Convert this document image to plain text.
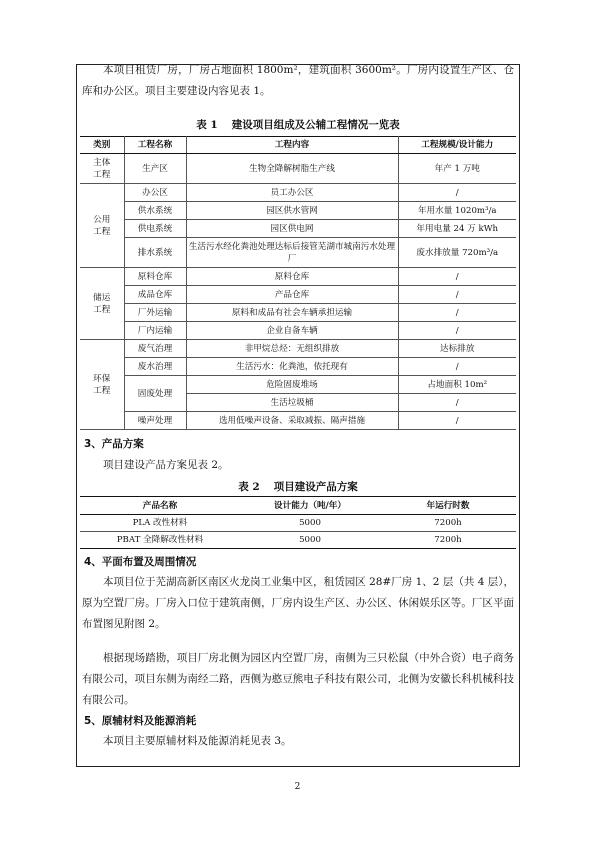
本项目租赁厂房，厂房占地面积 1800m²，建筑面积 3600m²。厂房内设置生产区、仓库和办公区。项目主要建设内容见表 1。

表 1 建设项目组成及公辅工程情况一览表
类别	工程名称	工程内容	工程规模/设计能力
主体工程	生产区	生物全降解树脂生产线	年产 1 万吨
公用工程	办公区	员工办公区	/
	供水系统	园区供水管网	年用水量 1020m³/a
	供电系统	园区供电网	年用电量 24 万 kWh
	排水系统	生活污水经化粪池处理达标后接管芜湖市城南污水处理厂	废水排放量 720m³/a
储运工程	原料仓库	原料仓库	/
	成品仓库	产品仓库	/
	厂外运输	原料和成品有社会车辆承担运输	/
	厂内运输	企业自备车辆	/
环保工程	废气治理	非甲烷总烃：无组织排放	达标排放
	废水治理	生活污水：化粪池，依托现有	/
	固废处理	危险固废堆场	占地面积 10m²
		生活垃圾桶	/
	噪声处理	选用低噪声设备、采取减振、隔声措施	/
3、产品方案

项目建设产品方案见表 2。

表 2 项目建设产品方案
产品名称	设计能力（吨/年）	年运行时数
PLA 改性材料	5000	7200h
PBAT 全降解改性材料	5000	7200h
4、平面布置及周围情况

本项目位于芜湖高新区南区火龙岗工业集中区，租赁园区 28#厂房 1、2 层（共 4 层），原为空置厂房。厂房入口位于建筑南侧，厂房内设生产区、办公区、休闲娱乐区等。厂区平面布置图见附图 2。

根据现场踏勘，项目厂房北侧为园区内空置厂房，南侧为三只松鼠（中外合资）电子商务有限公司，项目东侧为南经二路，西侧为憨豆熊电子科技有限公司，北侧为安徽长科机械科技有限公司。

5、原辅材料及能源消耗

本项目主要原辅材料及能源消耗见表 3。

2
